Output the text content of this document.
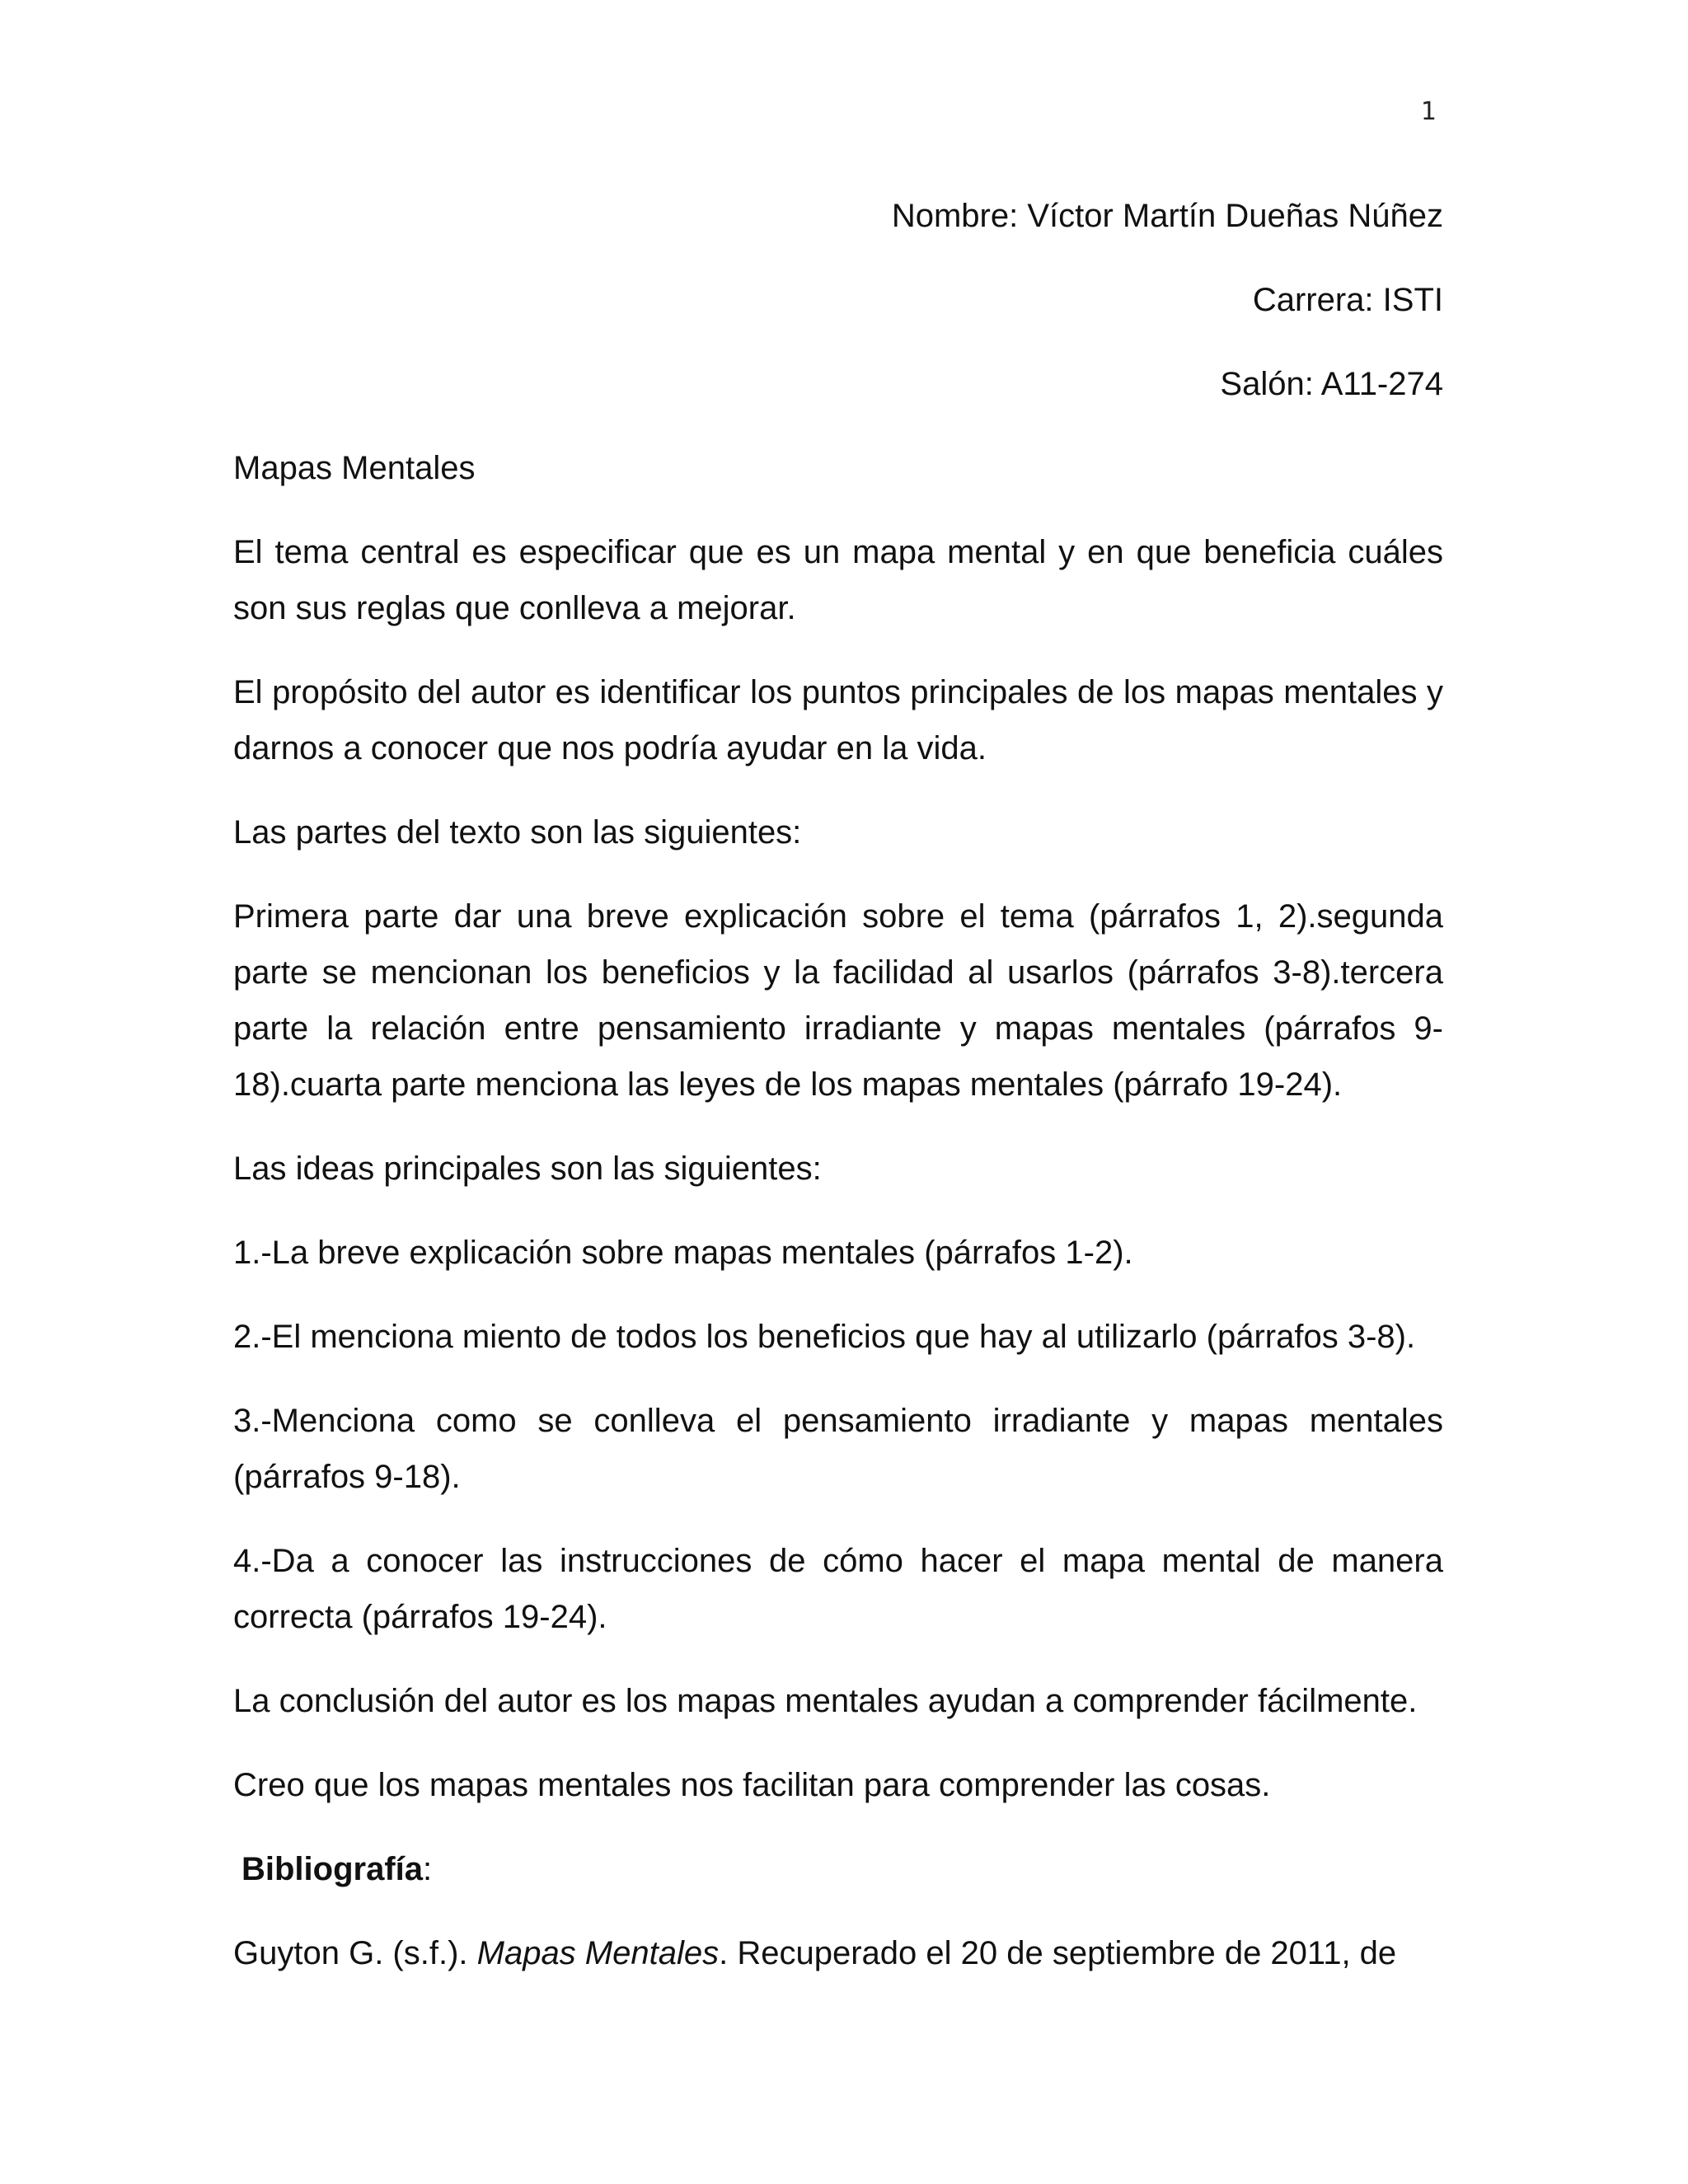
1
Nombre: Víctor Martín Dueñas Núñez
Carrera: ISTI
Salón: A11-274
Mapas Mentales
El tema central es especificar que es un mapa mental y en que beneficia cuáles son sus reglas que conlleva a mejorar.
El propósito del autor es identificar los puntos principales de los mapas mentales y darnos a conocer que nos podría ayudar en la vida.
Las partes del texto son las siguientes:
Primera parte dar una breve explicación sobre el tema (párrafos 1, 2).segunda parte se mencionan los beneficios y la facilidad al usarlos (párrafos 3-8).tercera parte la relación entre pensamiento irradiante y mapas mentales (párrafos 9-18).cuarta parte menciona las leyes de los mapas mentales (párrafo 19-24).
Las ideas principales son las siguientes:
1.-La breve explicación sobre mapas mentales (párrafos 1-2).
2.-El menciona miento de todos los beneficios que hay al utilizarlo (párrafos 3-8).
3.-Menciona como se conlleva el pensamiento irradiante y mapas mentales (párrafos 9-18).
4.-Da a conocer las instrucciones de cómo hacer el mapa mental de manera correcta (párrafos 19-24).
La conclusión del autor es los mapas mentales ayudan a comprender fácilmente.
Creo que los mapas mentales nos facilitan para comprender las cosas.
Bibliografía:
Guyton G. (s.f.). Mapas Mentales. Recuperado el 20 de septiembre de 2011, de
